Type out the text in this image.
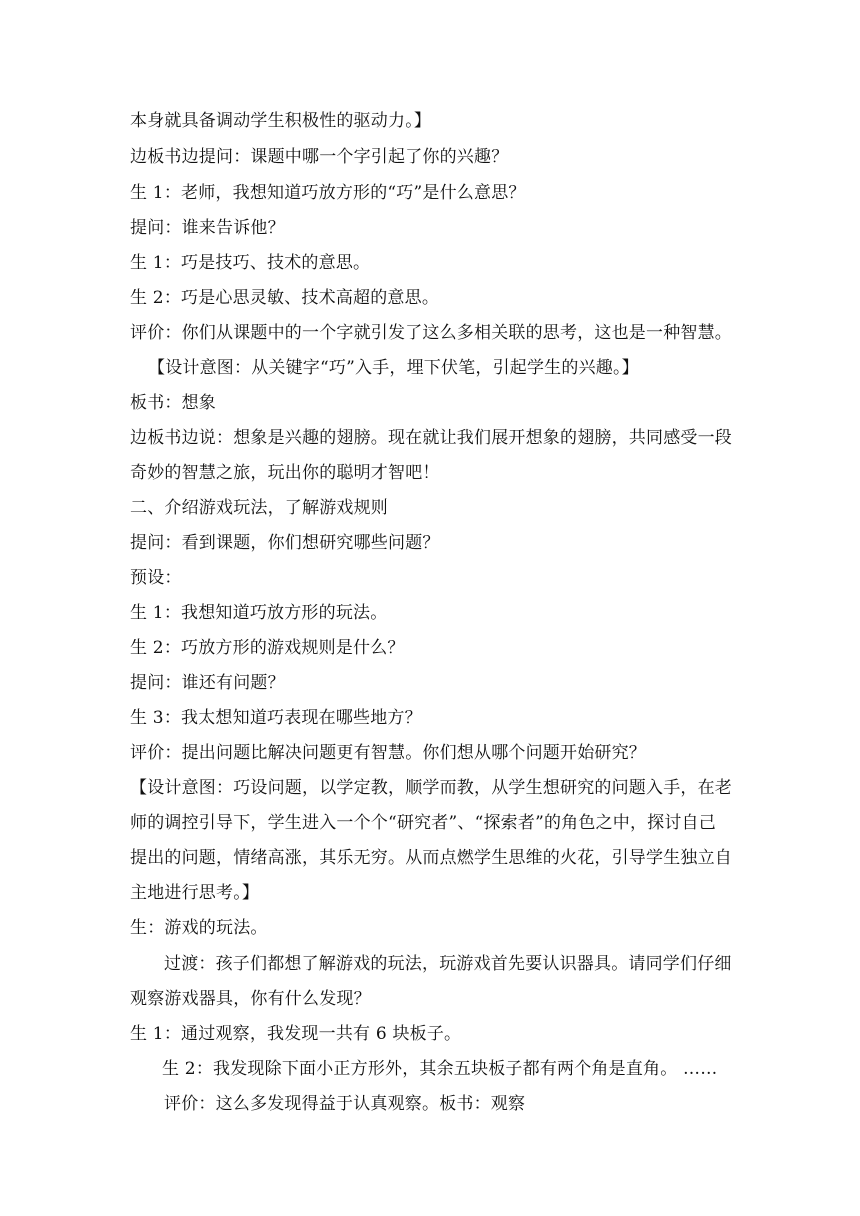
本身就具备调动学生积极性的驱动力。】
边板书边提问：课题中哪一个字引起了你的兴趣？
生 1：老师，我想知道巧放方形的“巧”是什么意思？
提问：谁来告诉他？
生 1：巧是技巧、技术的意思。
生 2：巧是心思灵敏、技术高超的意思。
评价：你们从课题中的一个字就引发了这么多相关联的思考，这也是一种智慧。
【设计意图：从关键字“巧”入手，埋下伏笔，引起学生的兴趣。】
板书：想象
边板书边说：想象是兴趣的翅膀。现在就让我们展开想象的翅膀，共同感受一段
奇妙的智慧之旅，玩出你的聪明才智吧！
二、介绍游戏玩法，了解游戏规则
提问：看到课题，你们想研究哪些问题？
预设：
生 1：我想知道巧放方形的玩法。
生 2：巧放方形的游戏规则是什么？
提问：谁还有问题？
生 3：我太想知道巧表现在哪些地方？
评价：提出问题比解决问题更有智慧。你们想从哪个问题开始研究？
【设计意图：巧设问题，以学定教，顺学而教，从学生想研究的问题入手，在老
师的调控引导下，学生进入一个个“研究者”、“探索者”的角色之中，探讨自己
提出的问题，情绪高涨，其乐无穷。从而点燃学生思维的火花，引导学生独立自
主地进行思考。】
生：游戏的玩法。
过渡：孩子们都想了解游戏的玩法，玩游戏首先要认识器具。请同学们仔细
观察游戏器具，你有什么发现？
生 1：通过观察，我发现一共有 6 块板子。
生 2：我发现除下面小正方形外，其余五块板子都有两个角是直角。 ……
评价：这么多发现得益于认真观察。板书：观察
